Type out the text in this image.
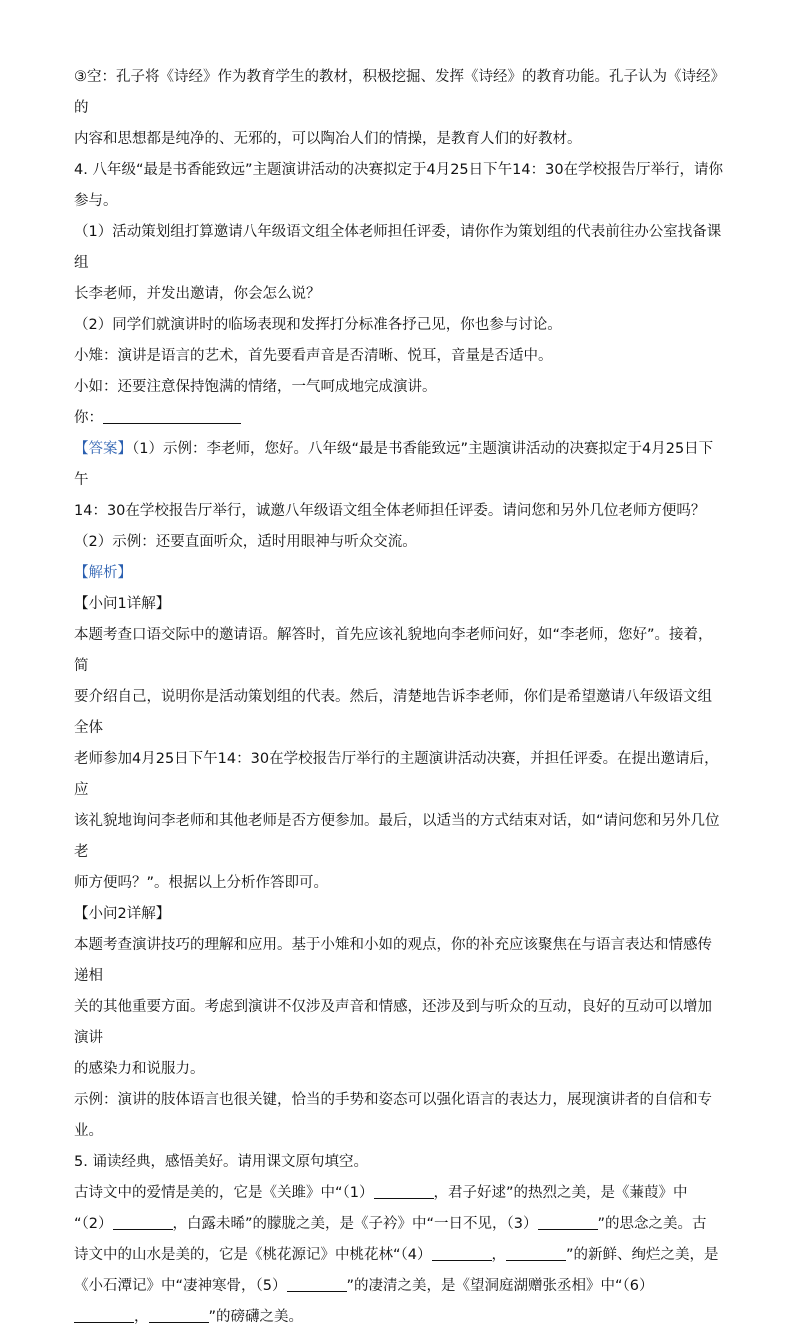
③空：孔子将《诗经》作为教育学生的教材，积极挖掘、发挥《诗经》的教育功能。孔子认为《诗经》的

内容和思想都是纯净的、无邪的，可以陶冶人们的情操，是教育人们的好教材。

4. 八年级“最是书香能致远”主题演讲活动的决赛拟定于4月25日下午14：30在学校报告厅举行，请你

参与。

（1）活动策划组打算邀请八年级语文组全体老师担任评委，请你作为策划组的代表前往办公室找备课组

长李老师，并发出邀请，你会怎么说？

（2）同学们就演讲时的临场表现和发挥打分标准各抒己见，你也参与讨论。

小雉：演讲是语言的艺术，首先要看声音是否清晰、悦耳，音量是否适中。

小如：还要注意保持饱满的情绪，一气呵成地完成演讲。

你：

【答案】（1）示例：李老师，您好。八年级“最是书香能致远”主题演讲活动的决赛拟定于4月25日下午

14：30在学校报告厅举行，诚邀八年级语文组全体老师担任评委。请问您和另外几位老师方便吗？

（2）示例：还要直面听众，适时用眼神与听众交流。

【解析】

【小问1详解】

本题考查口语交际中的邀请语。解答时，首先应该礼貌地向李老师问好，如“李老师，您好”。接着，简

要介绍自己，说明你是活动策划组的代表。然后，清楚地告诉李老师，你们是希望邀请八年级语文组全体

老师参加4月25日下午14：30在学校报告厅举行的主题演讲活动决赛，并担任评委。在提出邀请后，应

该礼貌地询问李老师和其他老师是否方便参加。最后，以适当的方式结束对话，如“请问您和另外几位老

师方便吗？”。根据以上分析作答即可。

【小问2详解】

本题考查演讲技巧的理解和应用。基于小雉和小如的观点，你的补充应该聚焦在与语言表达和情感传递相

关的其他重要方面。考虑到演讲不仅涉及声音和情感，还涉及到与听众的互动，良好的互动可以增加演讲

的感染力和说服力。

示例：演讲的肢体语言也很关键，恰当的手势和姿态可以强化语言的表达力，展现演讲者的自信和专业。

5. 诵读经典，感悟美好。请用课文原句填空。

古诗文中的爱情是美的，它是《关雎》中“（1）	，君子好逑”的热烈之美，是《蒹葭》中

“（2）	，白露未晞”的朦胧之美，是《子衿》中“一日不见，（3）	”的思念之美。古

诗文中的山水是美的，它是《桃花源记》中桃花林“（4）	，	”的新鲜、绚烂之美，是

《小石潭记》中“凄神寒骨，（5）	”的凄清之美，是《望洞庭湖赠张丞相》中“（6）

，	”的磅礴之美。
